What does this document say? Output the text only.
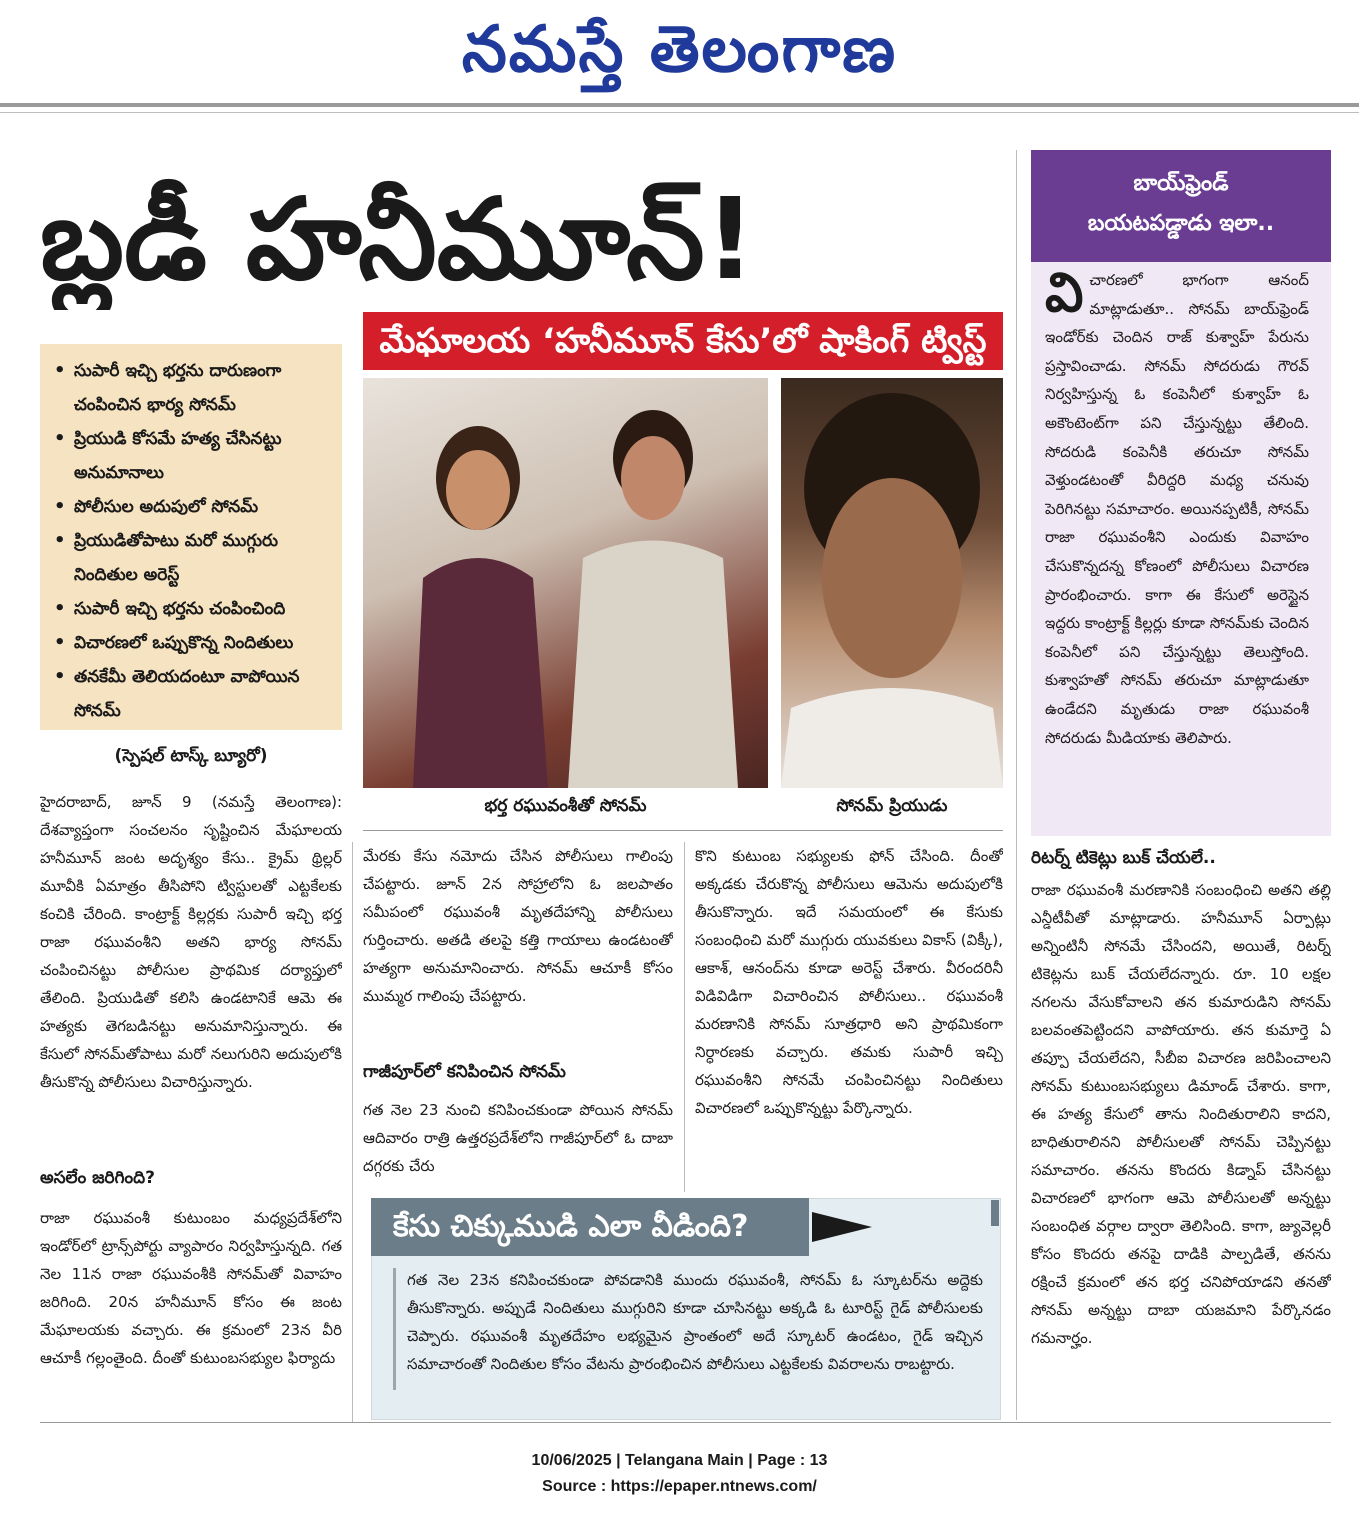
నమస్తే తెలంగాణ
బ్లడీ హనీమూన్!
మేఘాలయ ‘హనీమూన్ కేసు’లో షాకింగ్ ట్విస్ట్
• సుపారీ ఇచ్చి భర్తను దారుణంగా చంపించిన భార్య సోనమ్
• ప్రియుడి కోసమే హత్య చేసినట్టు అనుమానాలు
• పోలీసుల అదుపులో సోనమ్
• ప్రియుడితోపాటు మరో ముగ్గురు నిందితుల అరెస్ట్
• సుపారీ ఇచ్చి భర్తను చంపించింది
• విచారణలో ఒప్పుకొన్న నిందితులు
• తనకేమీ తెలియదంటూ వాపోయిన సోనమ్
(స్పెషల్ టాస్క్ బ్యూరో)
భర్త రఘువంశీతో సోనమ్	సోనమ్ ప్రియుడు

హైదరాబాద్, జూన్ 9 (నమస్తే తెలంగాణ): దేశవ్యాప్తంగా సంచలనం సృష్టించిన మేఘాలయ హనీమూన్ జంట అదృశ్యం కేసు.. క్రైమ్ థ్రిల్లర్ మూవీకి ఏమాత్రం తీసిపోని ట్విస్టులతో ఎట్టకేలకు కంచికి చేరింది. కాంట్రాక్ట్ కిల్లర్లకు సుపారీ ఇచ్చి భర్త రాజా రఘువంశీని అతని భార్య సోనమ్ చంపించినట్టు పోలీసుల ప్రాథమిక దర్యాప్తులో తేలింది. ప్రియుడితో కలిసి ఉండటానికే ఆమె ఈ హత్యకు తెగబడినట్టు అనుమానిస్తున్నారు. ఈ కేసులో సోనమ్‌తోపాటు మరో నలుగురిని అదుపులోకి తీసుకొన్న పోలీసులు విచారిస్తున్నారు.

అసలేం జరిగింది?

రాజా రఘువంశీ కుటుంబం మధ్యప్రదేశ్‌లోని ఇండోర్‌లో ట్రాన్స్‌పోర్టు వ్యాపారం నిర్వహిస్తున్నది. గత నెల 11న రాజా రఘువంశీకి సోనమ్‌తో వివాహం జరిగింది. 20న హనీమూన్ కోసం ఈ జంట మేఘాలయకు వచ్చారు. ఈ క్రమంలో 23న వీరి ఆచూకీ గల్లంతైంది. దీంతో కుటుంబసభ్యుల ఫిర్యాదు

మేరకు కేసు నమోదు చేసిన పోలీసులు గాలింపు చేపట్టారు. జూన్ 2న సోహ్రాలోని ఓ జలపాతం సమీపంలో రఘువంశీ మృతదేహాన్ని పోలీసులు గుర్తించారు. అతడి తలపై కత్తి గాయాలు ఉండటంతో హత్యగా అనుమానించారు. సోనమ్ ఆచూకీ కోసం ముమ్మర గాలింపు చేపట్టారు.

గాజీపూర్‌లో కనిపించిన సోనమ్

గత నెల 23 నుంచి కనిపించకుండా పోయిన సోనమ్ ఆదివారం రాత్రి ఉత్తరప్రదేశ్‌లోని గాజీపూర్‌లో ఓ దాబా దగ్గరకు చేరు

కొని కుటుంబ సభ్యులకు ఫోన్ చేసింది. దీంతో అక్కడకు చేరుకొన్న పోలీసులు ఆమెను అదుపులోకి తీసుకొన్నారు. ఇదే సమయంలో ఈ కేసుకు సంబంధించి మరో ముగ్గురు యువకులు వికాస్ (విక్కీ), ఆకాశ్, ఆనంద్‌ను కూడా అరెస్ట్ చేశారు. వీరందరినీ విడివిడిగా విచారించిన పోలీసులు.. రఘువంశీ మరణానికి సోనమ్ సూత్రధారి అని ప్రాథమికంగా నిర్ధారణకు వచ్చారు. తమకు సుపారీ ఇచ్చి రఘువంశీని సోనమే చంపించినట్టు నిందితులు విచారణలో ఒప్పుకొన్నట్టు పేర్కొన్నారు.

కేసు చిక్కుముడి ఎలా వీడింది?

గత నెల 23న కనిపించకుండా పోవడానికి ముందు రఘువంశీ, సోనమ్ ఓ స్కూటర్‌ను అద్దెకు తీసుకొన్నారు. అప్పుడే నిందితులు ముగ్గురిని కూడా చూసినట్టు అక్కడి ఓ టూరిస్ట్ గైడ్ పోలీసులకు చెప్పారు. రఘువంశీ మృతదేహం లభ్యమైన ప్రాంతంలో అదే స్కూటర్ ఉండటం, గైడ్ ఇచ్చిన సమాచారంతో నిందితుల కోసం వేటను ప్రారంభించిన పోలీసులు ఎట్టకేలకు వివరాలను రాబట్టారు.

బాయ్‌ఫ్రెండ్
బయటపడ్డాడు ఇలా..
విచారణలో భాగంగా ఆనంద్ మాట్లాడుతూ.. సోనమ్ బాయ్‌ఫ్రెండ్ ఇండోర్‌కు చెందిన రాజ్ కుశ్వాహ్ పేరును ప్రస్తావించాడు. సోనమ్ సోదరుడు గౌరవ్ నిర్వహిస్తున్న ఓ కంపెనీలో కుశ్వాహ్ ఓ అకౌంటెంట్‌గా పని చేస్తున్నట్టు తేలింది. సోదరుడి కంపెనీకి తరుచూ సోనమ్ వెళ్తుండటంతో వీరిద్దరి మధ్య చనువు పెరిగినట్టు సమాచారం. అయినప్పటికీ, సోనమ్ రాజా రఘువంశీని ఎందుకు వివాహం చేసుకొన్నదన్న కోణంలో పోలీసులు విచారణ ప్రారంభించారు. కాగా ఈ కేసులో అరెస్టైన ఇద్దరు కాంట్రాక్ట్ కిల్లర్లు కూడా సోనమ్‌కు చెందిన కంపెనీలో పని చేస్తున్నట్టు తెలుస్తోంది. కుశ్వాహతో సోనమ్ తరుచూ మాట్లాడుతూ ఉండేదని మృతుడు రాజా రఘువంశీ సోదరుడు మీడియాకు తెలిపారు.
రిటర్న్ టికెట్లు బుక్ చేయలే..

రాజా రఘువంశీ మరణానికి సంబంధించి అతని తల్లి ఎన్డీటీవీతో మాట్లాడారు. హనీమూన్ ఏర్పాట్లు అన్నింటినీ సోనమే చేసిందని, అయితే, రిటర్న్ టికెట్లను బుక్ చేయలేదన్నారు. రూ. 10 లక్షల నగలను వేసుకోవాలని తన కుమారుడిని సోనమ్ బలవంతపెట్టిందని వాపోయారు. తన కుమార్తె ఏ తప్పూ చేయలేదని, సీబీఐ విచారణ జరిపించాలని సోనమ్ కుటుంబసభ్యులు డిమాండ్ చేశారు. కాగా, ఈ హత్య కేసులో తాను నిందితురాలిని కాదని, బాధితురాలినని పోలీసులతో సోనమ్ చెప్పినట్టు సమాచారం. తనను కొందరు కిడ్నాప్ చేసినట్టు విచారణలో భాగంగా ఆమె పోలీసులతో అన్నట్టు సంబంధిత వర్గాల ద్వారా తెలిసింది. కాగా, జ్యువెల్లరీ కోసం కొందరు తనపై దాడికి పాల్పడితే, తనను రక్షించే క్రమంలో తన భర్త చనిపోయాడని తనతో సోనమ్ అన్నట్టు దాబా యజమాని పేర్కొనడం గమనార్హం.

10/06/2025 | Telangana Main | Page : 13
Source : https://epaper.ntnews.com/
